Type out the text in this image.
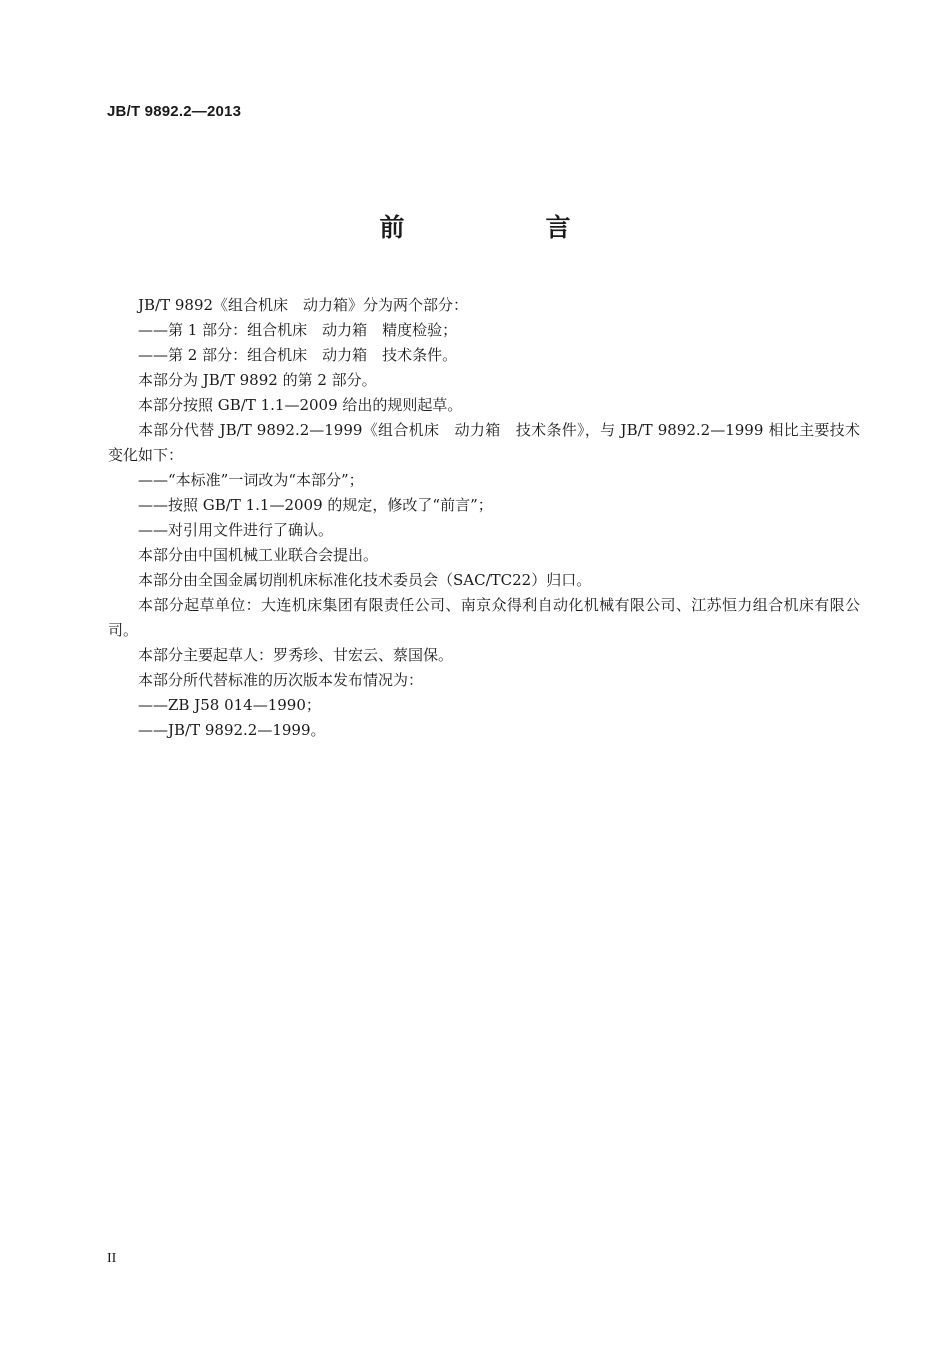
JB/T 9892.2—2013
前　言

JB/T 9892《组合机床　动力箱》分为两个部分：

——第 1 部分：组合机床　动力箱　精度检验；

——第 2 部分：组合机床　动力箱　技术条件。

本部分为 JB/T 9892 的第 2 部分。

本部分按照 GB/T 1.1—2009 给出的规则起草。

本部分代替 JB/T 9892.2—1999《组合机床　动力箱　技术条件》，与 JB/T 9892.2—1999 相比主要技术变化如下：

——“本标准”一词改为“本部分”；

——按照 GB/T 1.1—2009 的规定，修改了“前言”；

——对引用文件进行了确认。

本部分由中国机械工业联合会提出。

本部分由全国金属切削机床标准化技术委员会（SAC/TC22）归口。

本部分起草单位：大连机床集团有限责任公司、南京众得利自动化机械有限公司、江苏恒力组合机床有限公司。

本部分主要起草人：罗秀珍、甘宏云、蔡国保。

本部分所代替标准的历次版本发布情况为：

——ZB J58 014—1990；

——JB/T 9892.2—1999。

II
